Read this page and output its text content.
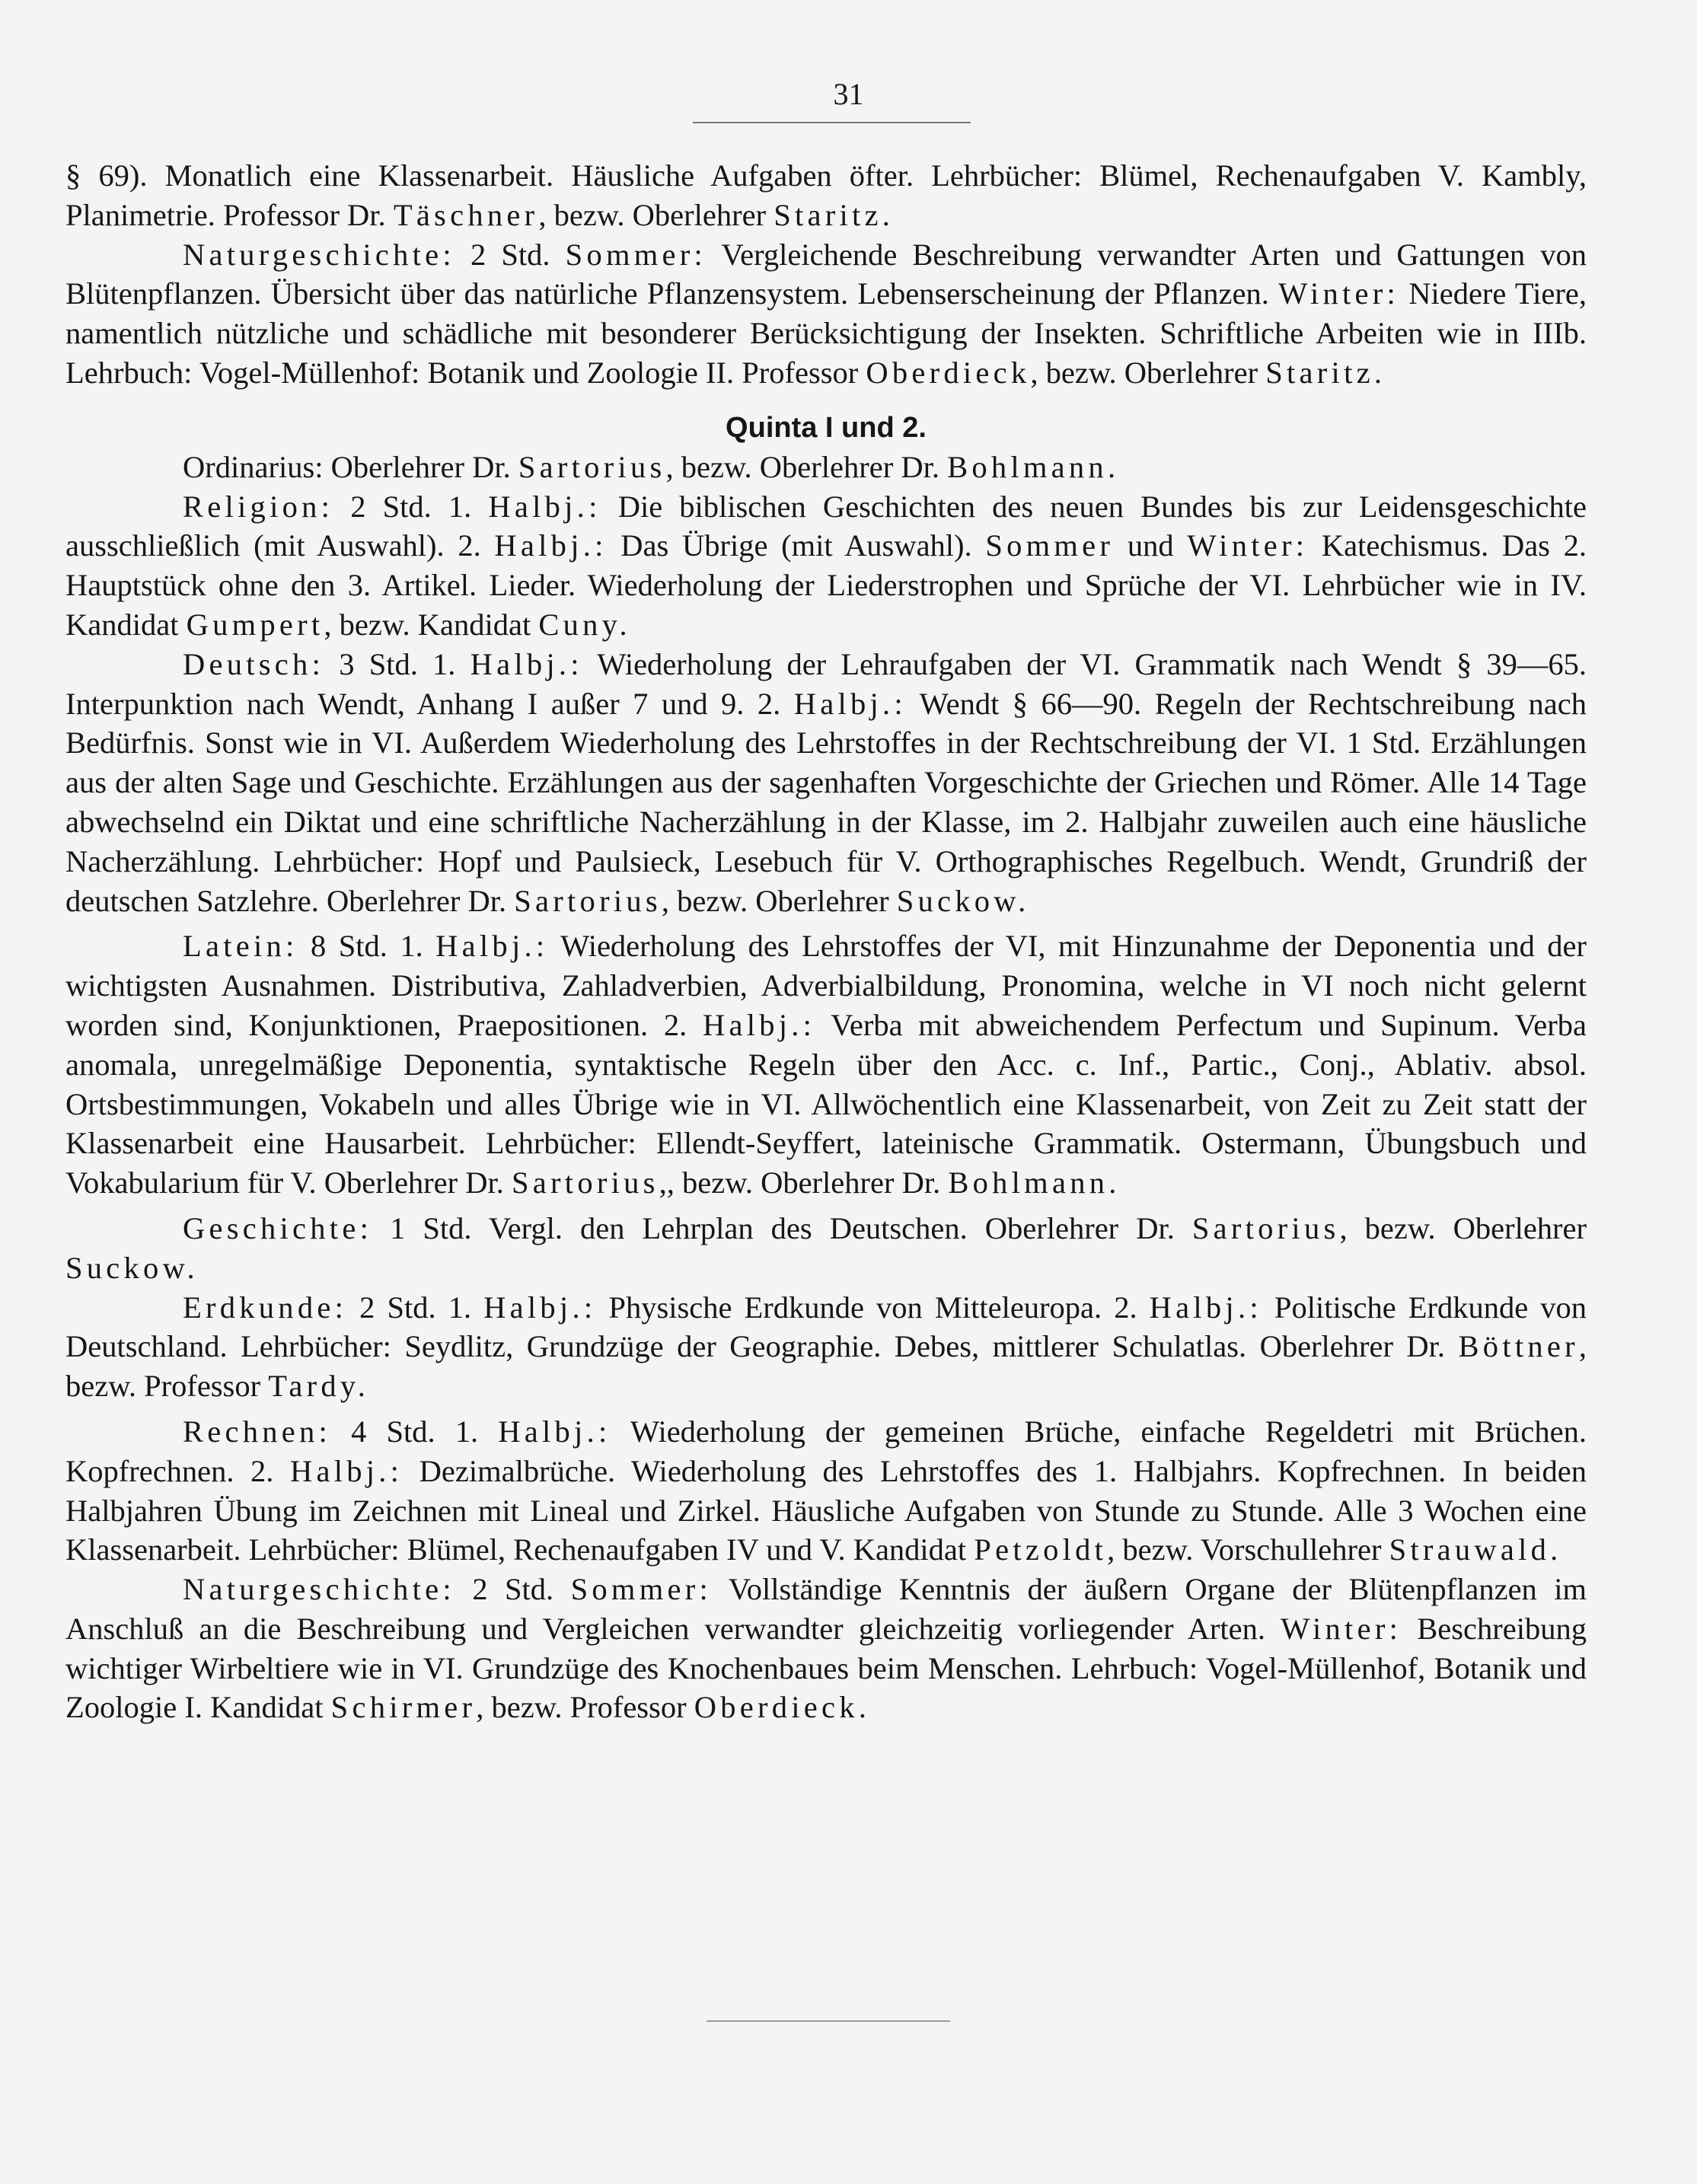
31

§ 69). Monatlich eine Klassenarbeit. Häusliche Aufgaben öfter. Lehrbücher: Blümel, Rechenaufgaben V. Kambly, Planimetrie. Professor Dr. Täschner, bezw. Oberlehrer Staritz.

Naturgeschichte: 2 Std. Sommer: Vergleichende Beschreibung verwandter Arten und Gattungen von Blütenpflanzen. Übersicht über das natürliche Pflanzensystem. Lebenserscheinung der Pflanzen. Winter: Niedere Tiere, namentlich nützliche und schädliche mit besonderer Berücksichtigung der Insekten. Schriftliche Arbeiten wie in IIIb. Lehrbuch: Vogel-Müllenhof: Botanik und Zoologie II. Professor Oberdieck, bezw. Oberlehrer Staritz.

Quinta I und 2.

Ordinarius: Oberlehrer Dr. Sartorius, bezw. Oberlehrer Dr. Bohlmann.

Religion: 2 Std. 1. Halbj.: Die biblischen Geschichten des neuen Bundes bis zur Leidensgeschichte ausschließlich (mit Auswahl). 2. Halbj.: Das Übrige (mit Auswahl). Sommer und Winter: Katechismus. Das 2. Hauptstück ohne den 3. Artikel. Lieder. Wiederholung der Liederstrophen und Sprüche der VI. Lehrbücher wie in IV. Kandidat Gumpert, bezw. Kandidat Cuny.

Deutsch: 3 Std. 1. Halbj.: Wiederholung der Lehraufgaben der VI. Grammatik nach Wendt § 39—65. Interpunktion nach Wendt, Anhang I außer 7 und 9. 2. Halbj.: Wendt § 66—90. Regeln der Rechtschreibung nach Bedürfnis. Sonst wie in VI. Außerdem Wiederholung des Lehrstoffes in der Rechtschreibung der VI. 1 Std. Erzählungen aus der alten Sage und Geschichte. Erzählungen aus der sagenhaften Vorgeschichte der Griechen und Römer. Alle 14 Tage abwechselnd ein Diktat und eine schriftliche Nacherzählung in der Klasse, im 2. Halbjahr zuweilen auch eine häusliche Nacherzählung. Lehrbücher: Hopf und Paulsieck, Lesebuch für V. Orthographisches Regelbuch. Wendt, Grundriß der deutschen Satzlehre. Oberlehrer Dr. Sartorius, bezw. Oberlehrer Suckow.

Latein: 8 Std. 1. Halbj.: Wiederholung des Lehrstoffes der VI, mit Hinzunahme der Deponentia und der wichtigsten Ausnahmen. Distributiva, Zahladverbien, Adverbialbildung, Pronomina, welche in VI noch nicht gelernt worden sind, Konjunktionen, Praepositionen. 2. Halbj.: Verba mit abweichendem Perfectum und Supinum. Verba anomala, unregelmäßige Deponentia, syntaktische Regeln über den Acc. c. Inf., Partic., Conj., Ablativ. absol. Ortsbestimmungen, Vokabeln und alles Übrige wie in VI. Allwöchentlich eine Klassenarbeit, von Zeit zu Zeit statt der Klassenarbeit eine Hausarbeit. Lehrbücher: Ellendt-Seyffert, lateinische Grammatik. Ostermann, Übungsbuch und Vokabularium für V. Oberlehrer Dr. Sartorius,, bezw. Oberlehrer Dr. Bohlmann.

Geschichte: 1 Std. Vergl. den Lehrplan des Deutschen. Oberlehrer Dr. Sartorius, bezw. Oberlehrer Suckow.

Erdkunde: 2 Std. 1. Halbj.: Physische Erdkunde von Mitteleuropa. 2. Halbj.: Politische Erdkunde von Deutschland. Lehrbücher: Seydlitz, Grundzüge der Geographie. Debes, mittlerer Schulatlas. Oberlehrer Dr. Böttner, bezw. Professor Tardy.

Rechnen: 4 Std. 1. Halbj.: Wiederholung der gemeinen Brüche, einfache Regeldetri mit Brüchen. Kopfrechnen. 2. Halbj.: Dezimalbrüche. Wiederholung des Lehrstoffes des 1. Halbjahrs. Kopfrechnen. In beiden Halbjahren Übung im Zeichnen mit Lineal und Zirkel. Häusliche Aufgaben von Stunde zu Stunde. Alle 3 Wochen eine Klassenarbeit. Lehrbücher: Blümel, Rechenaufgaben IV und V. Kandidat Petzoldt, bezw. Vorschullehrer Strauwald.

Naturgeschichte: 2 Std. Sommer: Vollständige Kenntnis der äußern Organe der Blütenpflanzen im Anschluß an die Beschreibung und Vergleichen verwandter gleichzeitig vorliegender Arten. Winter: Beschreibung wichtiger Wirbeltiere wie in VI. Grundzüge des Knochenbaues beim Menschen. Lehrbuch: Vogel-Müllenhof, Botanik und Zoologie I. Kandidat Schirmer, bezw. Professor Oberdieck.
